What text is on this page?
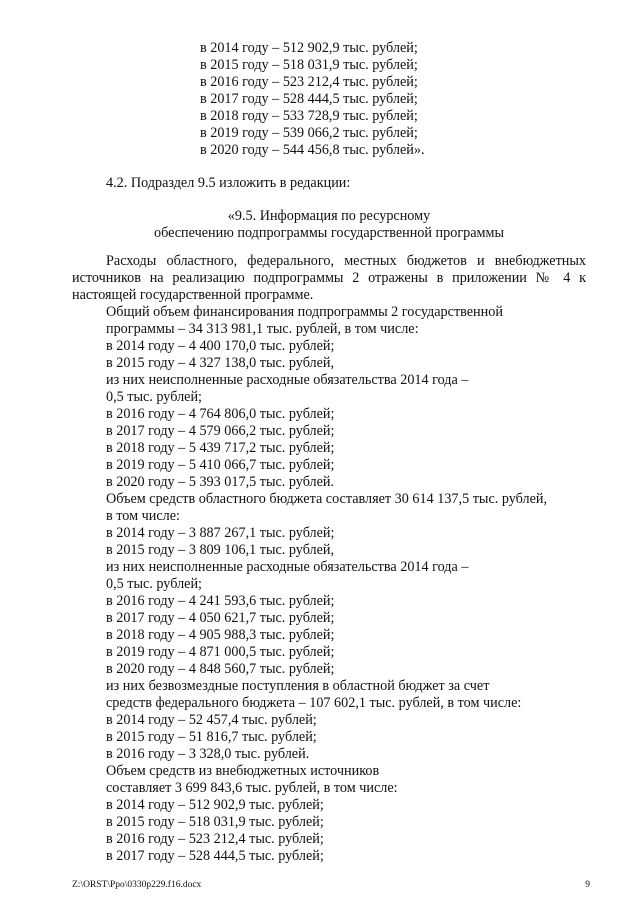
в 2014 году – 512 902,9 тыс. рублей;
в 2015 году – 518 031,9 тыс. рублей;
в 2016 году – 523 212,4 тыс. рублей;
в 2017 году – 528 444,5 тыс. рублей;
в 2018 году – 533 728,9 тыс. рублей;
в 2019 году – 539 066,2 тыс. рублей;
в 2020 году – 544 456,8 тыс. рублей».
4.2. Подраздел 9.5 изложить в редакции:
«9.5. Информация по ресурсному
обеспечению подпрограммы государственной программы
Расходы областного, федерального, местных бюджетов и внебюджетных
источников на реализацию подпрограммы 2 отражены в приложении № 4 к
настоящей государственной программе.
Общий объем финансирования подпрограммы 2 государственной
программы – 34 313 981,1 тыс. рублей, в том числе:
в 2014 году – 4 400 170,0 тыс. рублей;
в 2015 году – 4 327 138,0 тыс. рублей,
из них неисполненные расходные обязательства 2014 года –
0,5 тыс. рублей;
в 2016 году – 4 764 806,0 тыс. рублей;
в 2017 году – 4 579 066,2 тыс. рублей;
в 2018 году – 5 439 717,2 тыс. рублей;
в 2019 году – 5 410 066,7 тыс. рублей;
в 2020 году – 5 393 017,5 тыс. рублей.
Объем средств областного бюджета составляет 30 614 137,5 тыс. рублей,
в том числе:
в 2014 году – 3 887 267,1 тыс. рублей;
в 2015 году – 3 809 106,1 тыс. рублей,
из них неисполненные расходные обязательства 2014 года –
0,5 тыс. рублей;
в 2016 году – 4 241 593,6 тыс. рублей;
в 2017 году – 4 050 621,7 тыс. рублей;
в 2018 году – 4 905 988,3 тыс. рублей;
в 2019 году – 4 871 000,5 тыс. рублей;
в 2020 году – 4 848 560,7 тыс. рублей;
из них безвозмездные поступления в областной бюджет за счет
средств федерального бюджета – 107 602,1 тыс. рублей, в том числе:
в 2014 году – 52 457,4 тыс. рублей;
в 2015 году – 51 816,7 тыс. рублей;
в 2016 году – 3 328,0 тыс. рублей.
Объем средств из внебюджетных источников
составляет 3 699 843,6 тыс. рублей, в том числе:
в 2014 году – 512 902,9 тыс. рублей;
в 2015 году – 518 031,9 тыс. рублей;
в 2016 году – 523 212,4 тыс. рублей;
в 2017 году – 528 444,5 тыс. рублей;
Z:\ORST\Ppo\0330p229.f16.docx	9
